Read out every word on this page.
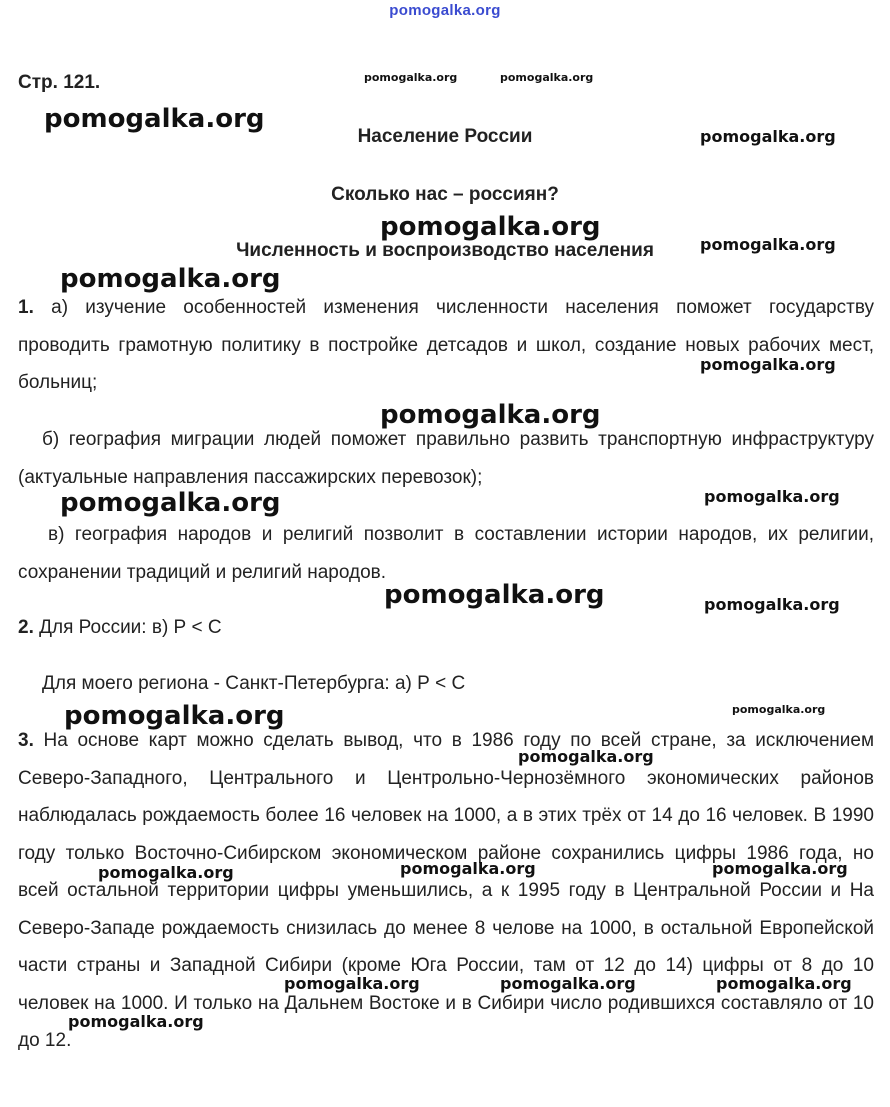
pomogalka.org
Стр. 121.
Население России
Сколько нас – россиян?
Численность и воспроизводство населения
1. а) изучение особенностей изменения численности населения поможет государству проводить грамотную политику в постройке детсадов и школ, создание новых рабочих мест, больниц;
б) география миграции людей поможет правильно развить транспортную инфраструктуру (актуальные направления пассажирских перевозок);
в) география народов и религий позволит в составлении истории народов, их религии, сохранении традиций и религий народов.
2. Для России: в) Р < С
Для моего региона - Санкт-Петербурга: а) Р < С
3. На основе карт можно сделать вывод, что в 1986 году по всей стране, за исключением Северо-Западного, Центрального и Центрольно-Чернозёмного экономических районов наблюдалась рождаемость более 16 человек на 1000, а в этих трёх от 14 до 16 человек. В 1990 году только Восточно-Сибирском экономическом районе сохранились цифры 1986 года, но всей остальной территории цифры уменьшились, а к 1995 году в Центральной России и На Северо-Западе рождаемость снизилась до менее 8 челове на 1000, в остальной Европейской части страны и Западной Сибири (кроме Юга России, там от 12 до 14) цифры от 8 до 10 человек на 1000. И только на Дальнем Востоке и в Сибири число родившихся составляло от 10 до 12.
pomogalka.org	pomogalka.org
pomogalka.org
pomogalka.org
pomogalka.org
pomogalka.org
pomogalka.org
pomogalka.org
pomogalka.org
pomogalka.org	pomogalka.org
pomogalka.org	pomogalka.org
pomogalka.org	pomogalka.org
pomogalka.org
pomogalka.org	pomogalka.org	pomogalka.org
pomogalka.org	pomogalka.org	pomogalka.org
pomogalka.org
